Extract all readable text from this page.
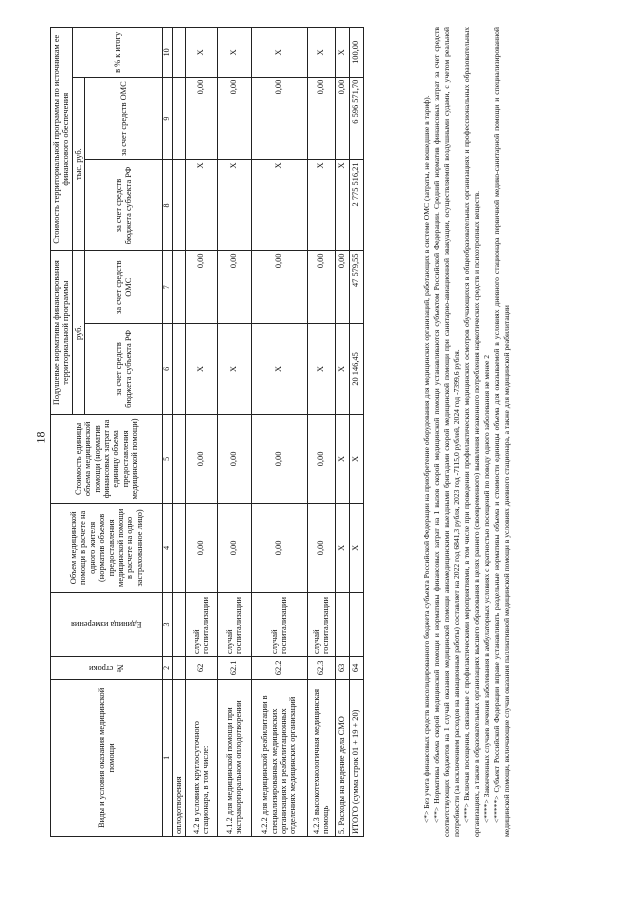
18
Виды и условия оказания медицинской помощи	№ строки	Единица измерения	Объем медицинской помощи в расчете на одного жителя (норматив объемов предоставления медицинской помощи в расчете на одно застрахованное лицо)	Стоимость единицы объема медицинской помощи (норматив финансовых затрат на единицу объема предоставления медицинской помощи)	Подушевые нормативы финансирования территориальной программы		Стоимость территориальной программы по источникам ее финансового обеспечения		
					руб.		тыс. руб.		в % к итогу
					за счет средств бюджета субъекта РФ	за счет средств ОМС	за счет средств бюджета субъекта РФ	за счет средств ОМС	
1	2	3	4	5	6	7	8	9	10
оплодотворения									
4.2 в условиях круглосуточного стационара, в том числе:	62	случай госпитализации	0,00	0,00	Х	0,00	Х	0,00	Х
4.1.2 для медицинской помощи при экстракорпоральном оплодотворении	62.1	случай госпитализации	0,00	0,00	Х	0,00	Х	0,00	Х
4.2.2 для медицинской реабилитации в специализированных медицинских организациях и реабилитационных отделениях медицинских организаций	62.2	случай госпитализации	0,00	0,00	Х	0,00	Х	0,00	Х
4.2.3 высокотехнологичная медицинская помощь	62.3	случай госпитализации	0,00	0,00	Х	0,00	Х	0,00	Х
5. Расходы на ведение дела СМО	63		Х	Х	Х	0,00	Х	0,00	Х
ИТОГО (сумма строк 01 + 19 + 20)	64		Х	Х	20 146,45	47 579,55	2 775 516,21	6 596 571,70	100,00

<*> Без учета финансовых средств консолидированного бюджета субъекта Российской Федерации на приобретение оборудования для медицинских организаций, работающих в системе ОМС (затраты, не вошедшие в тариф). <**> Нормативы объема скорой медицинской помощи и нормативы финансовых затрат на 1 вызов скорой медицинской помощи устанавливаются субъектом Российской Федерации. Средний норматив финансовых затрат за счет средств соответствующих бюджетов на 1 случай оказания медицинской помощи авиамедицинскими выездными бригадами скорой медицинской помощи при санитарно-авиационной эвакуации, осуществляемой воздушными судами, с учетом реальной потребности (за исключением расходов на авиационные работы) составляет на 2022 год 6841,3 рубля, 2023 год -7115,0 рублей, 2024 год -7399,6 рубля. <***> Включая посещения, связанные с профилактическими мероприятиями, в том числе при проведении профилактических медицинских осмотров обучающихся в общеобразовательных организациях и профессиональных образовательных организациях, а также в образовательных организациях высшего образования в целях раннего (своевременного) выявления незаконного потребления наркотических средств и психотропных веществ. <****> Законченных случаев лечения заболевания в амбулаторных условиях с кратностью посещений по поводу одного заболевания не менее 2 <*****> Субъект Российской Федерации вправе устанавливать раздельные нормативы объема и стоимости единицы объема для оказываемой в условиях дневного стационара первичной медико-санитарной помощи и специализированной медицинской помощи, включающие случаи оказания паллиативной медицинской помощи в условиях дневного стационара, а также для медицинской реабилитации
